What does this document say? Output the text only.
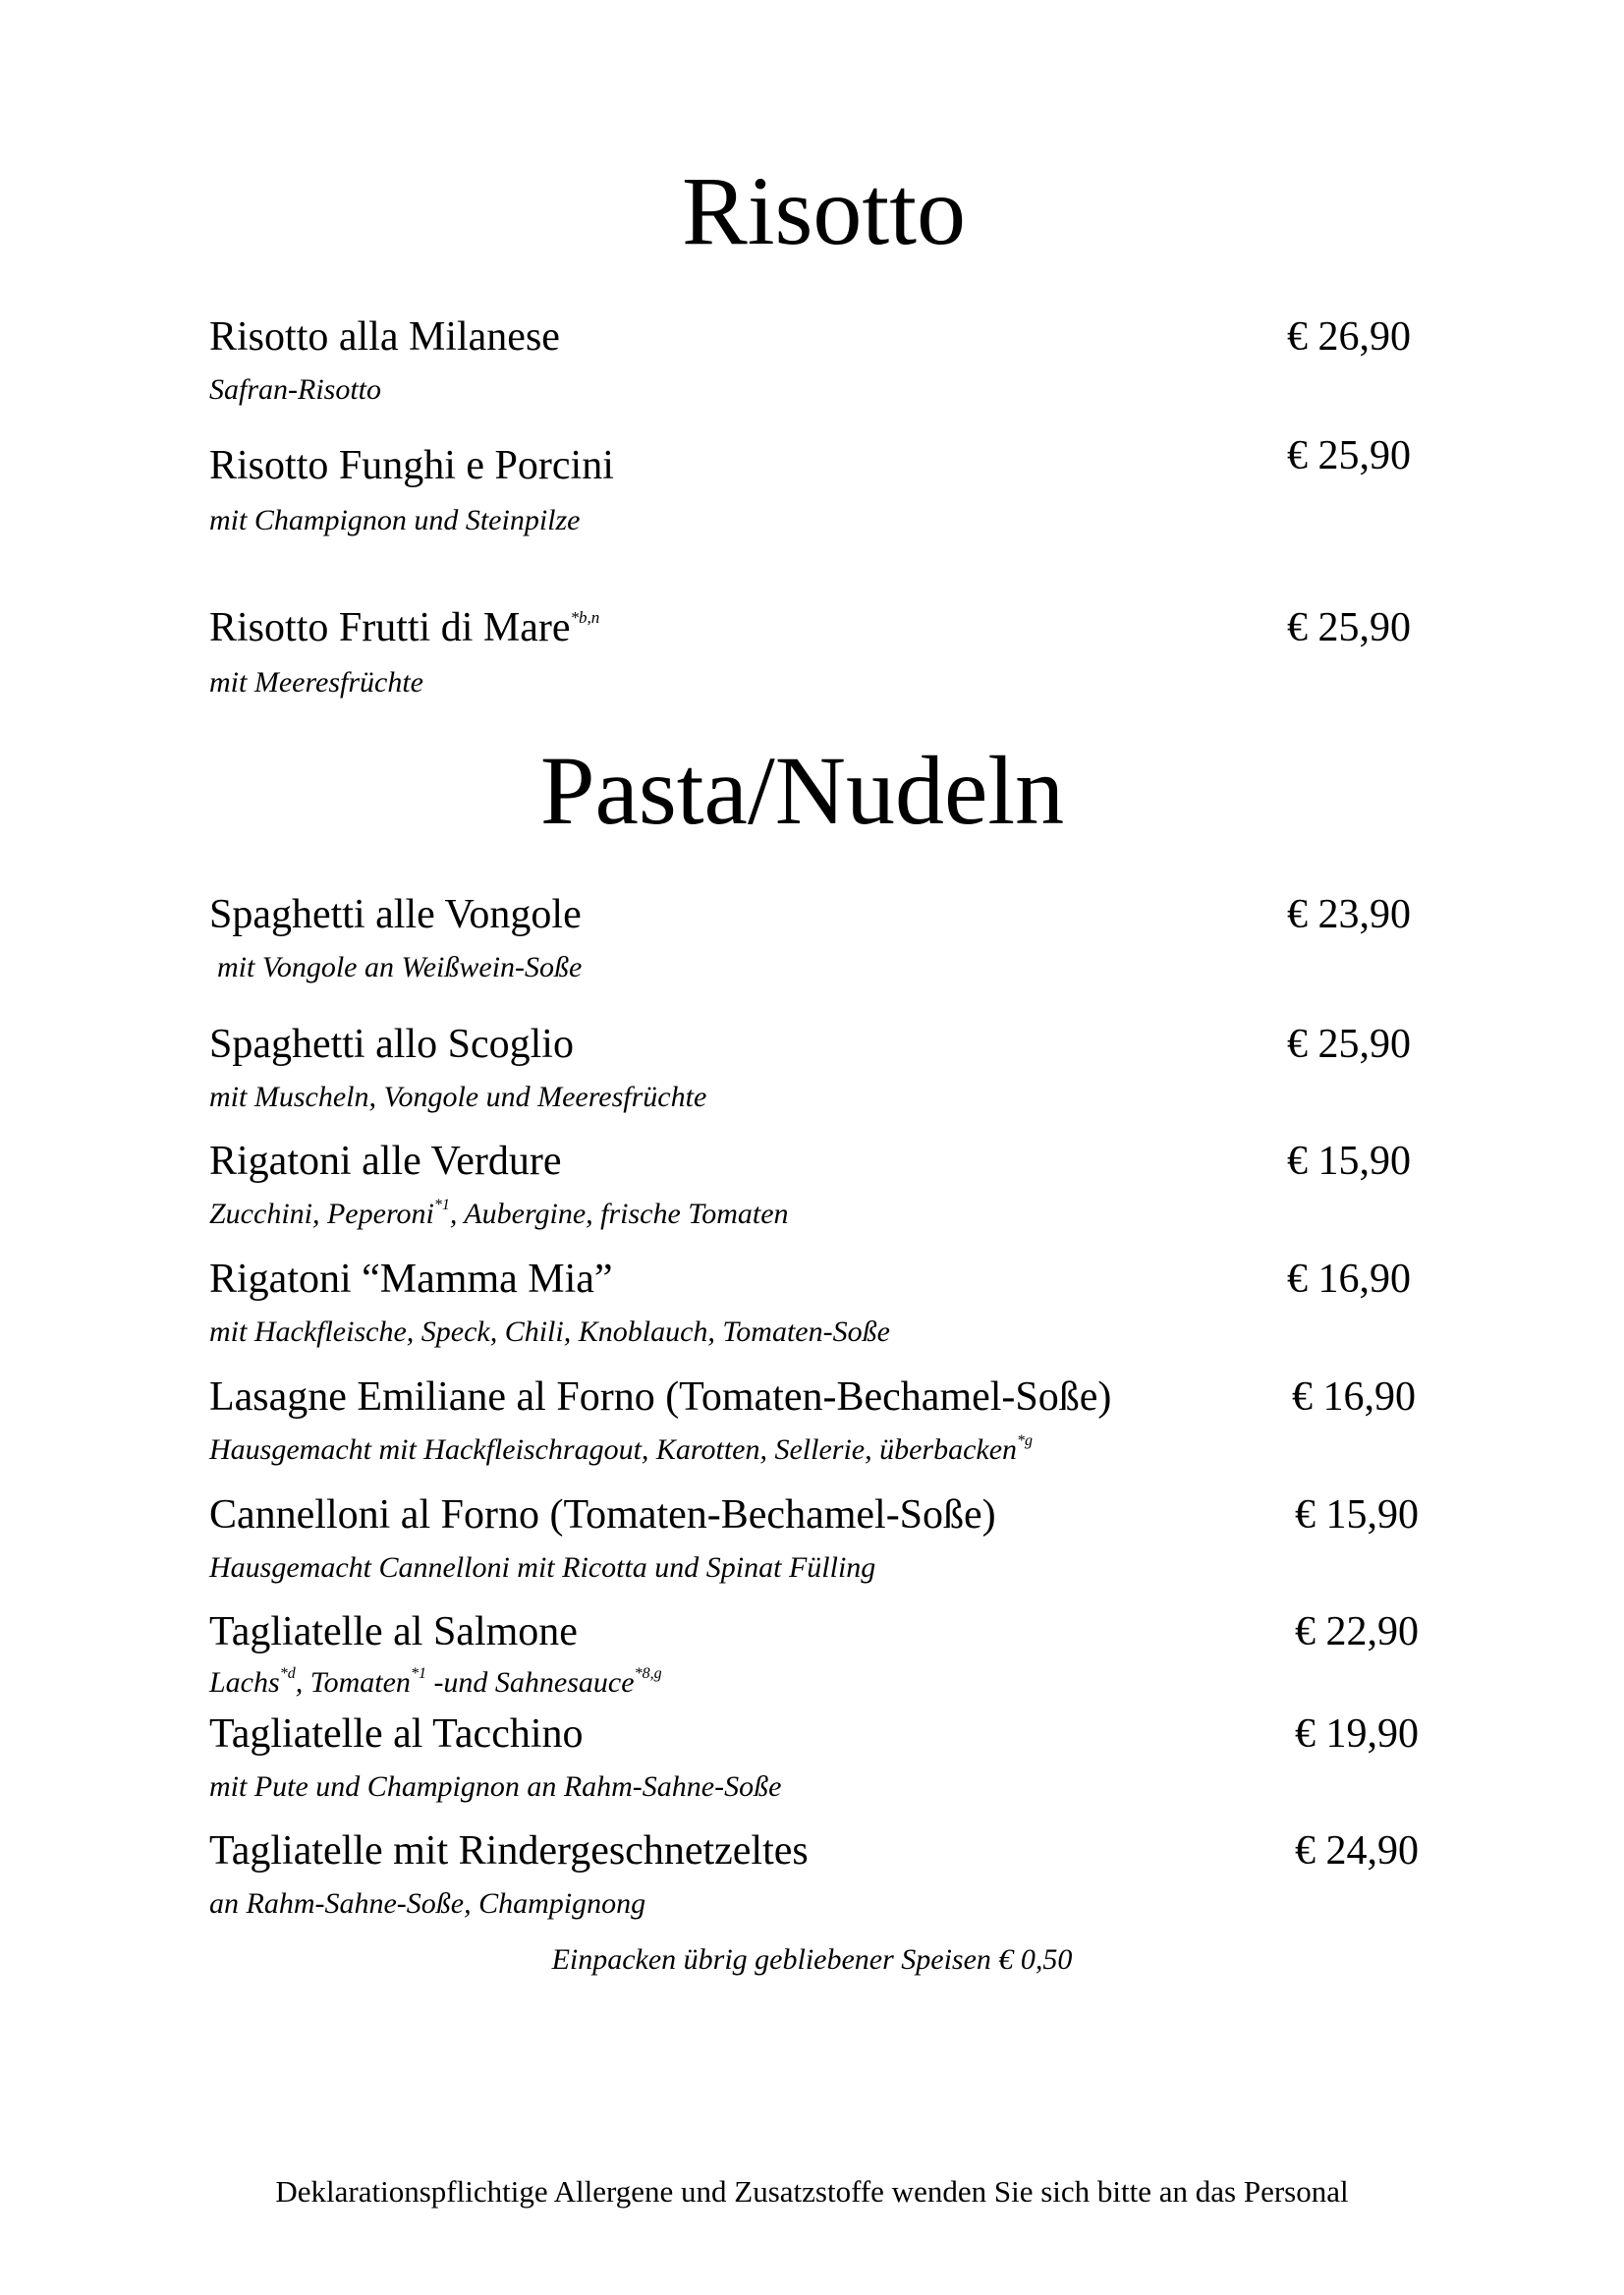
Risotto
Risotto alla Milanese
Safran-Risotto
€ 26,90
Risotto Funghi e Porcini
mit Champignon und Steinpilze
€ 25,90
Risotto Frutti di Mare$^{*b,n}$
mit Meeresfrüchte
€ 25,90
Pasta/Nudeln
Spaghetti alle Vongole
mit Vongole an Weißwein-Soße
€ 23,90
Spaghetti allo Scoglio
mit Muscheln, Vongole und Meeresfrüchte
€ 25,90
Rigatoni alle Verdure
Zucchini, Peperoni$^{*1}$, Aubergine, frische Tomaten
€ 15,90
Rigatoni “Mamma Mia”
mit Hackfleische, Speck, Chili, Knoblauch, Tomaten-Soße
€ 16,90
Lasagne Emiliane al Forno (Tomaten-Bechamel-Soße)
Hausgemacht mit Hackfleischragout, Karotten, Sellerie, überbacken$^{*g}$
€ 16,90
Cannelloni al Forno (Tomaten-Bechamel-Soße)
Hausgemacht Cannelloni mit Ricotta und Spinat Fülling
€ 15,90
Tagliatelle al Salmone
Lachs$^{*d}$, Tomaten$^{*1}$ -und Sahnesauce$^{*8,g}$
€ 22,90
Tagliatelle al Tacchino
mit Pute und Champignon an Rahm-Sahne-Soße
€ 19,90
Tagliatelle mit Rindergeschnetzeltes
an Rahm-Sahne-Soße, Champignong
€ 24,90
Einpacken übrig gebliebener Speisen € 0,50
Deklarationspflichtige Allergene und Zusatzstoffe wenden Sie sich bitte an das Personal
